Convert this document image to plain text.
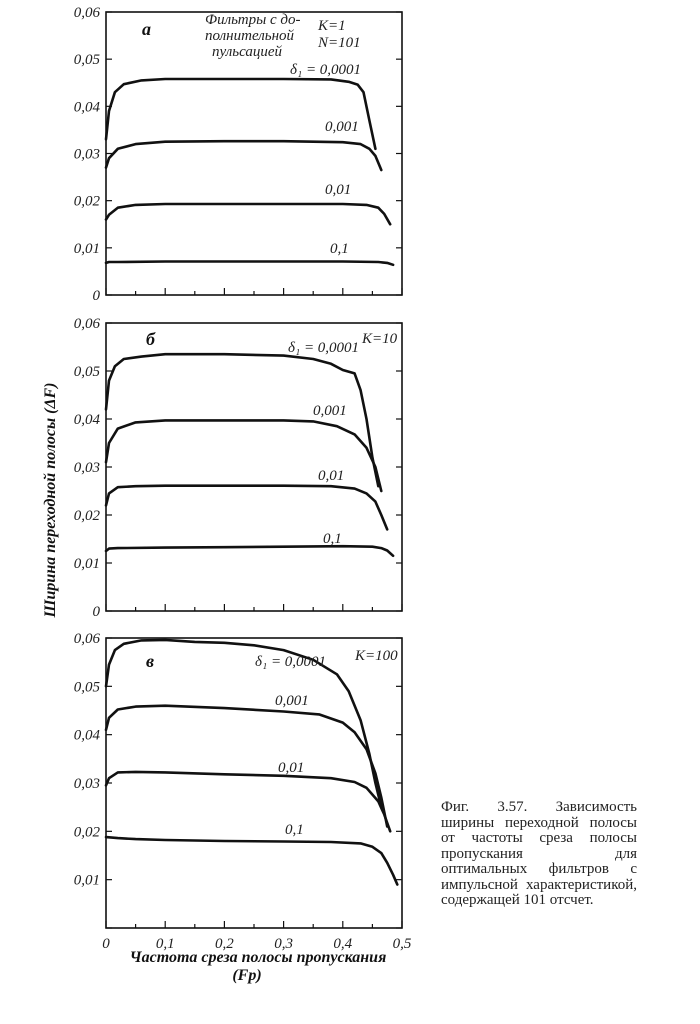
Ширина переходной полосы (ΔF)
Частота среза полосы пропускания
(Fp)
0
0,01
0,02
0,03
0,04
0,05
0,06
а	Фильтры с до-
полнительной
пульсацией
K=1
N=101
δ₁ = 0,0001
0,001
0,01
0,1
0
0,01
0,02
0,03
0,04
0,05
0,06
б	K=10
δ₁ = 0,0001
0,001
0,01
0,1
0,01
0,02
0,03
0,04
0,05
0,06
0	0,1	0,2	0,3	0,4	0,5
в	K=100
δ₁ = 0,0001
0,001
0,01
0,1
Фиг. 3.57. Зависимость ширины переходной полосы от частоты среза полосы пропускания для оптимальных фильтров с импульсной характеристикой, содержащей 101 отсчет.
